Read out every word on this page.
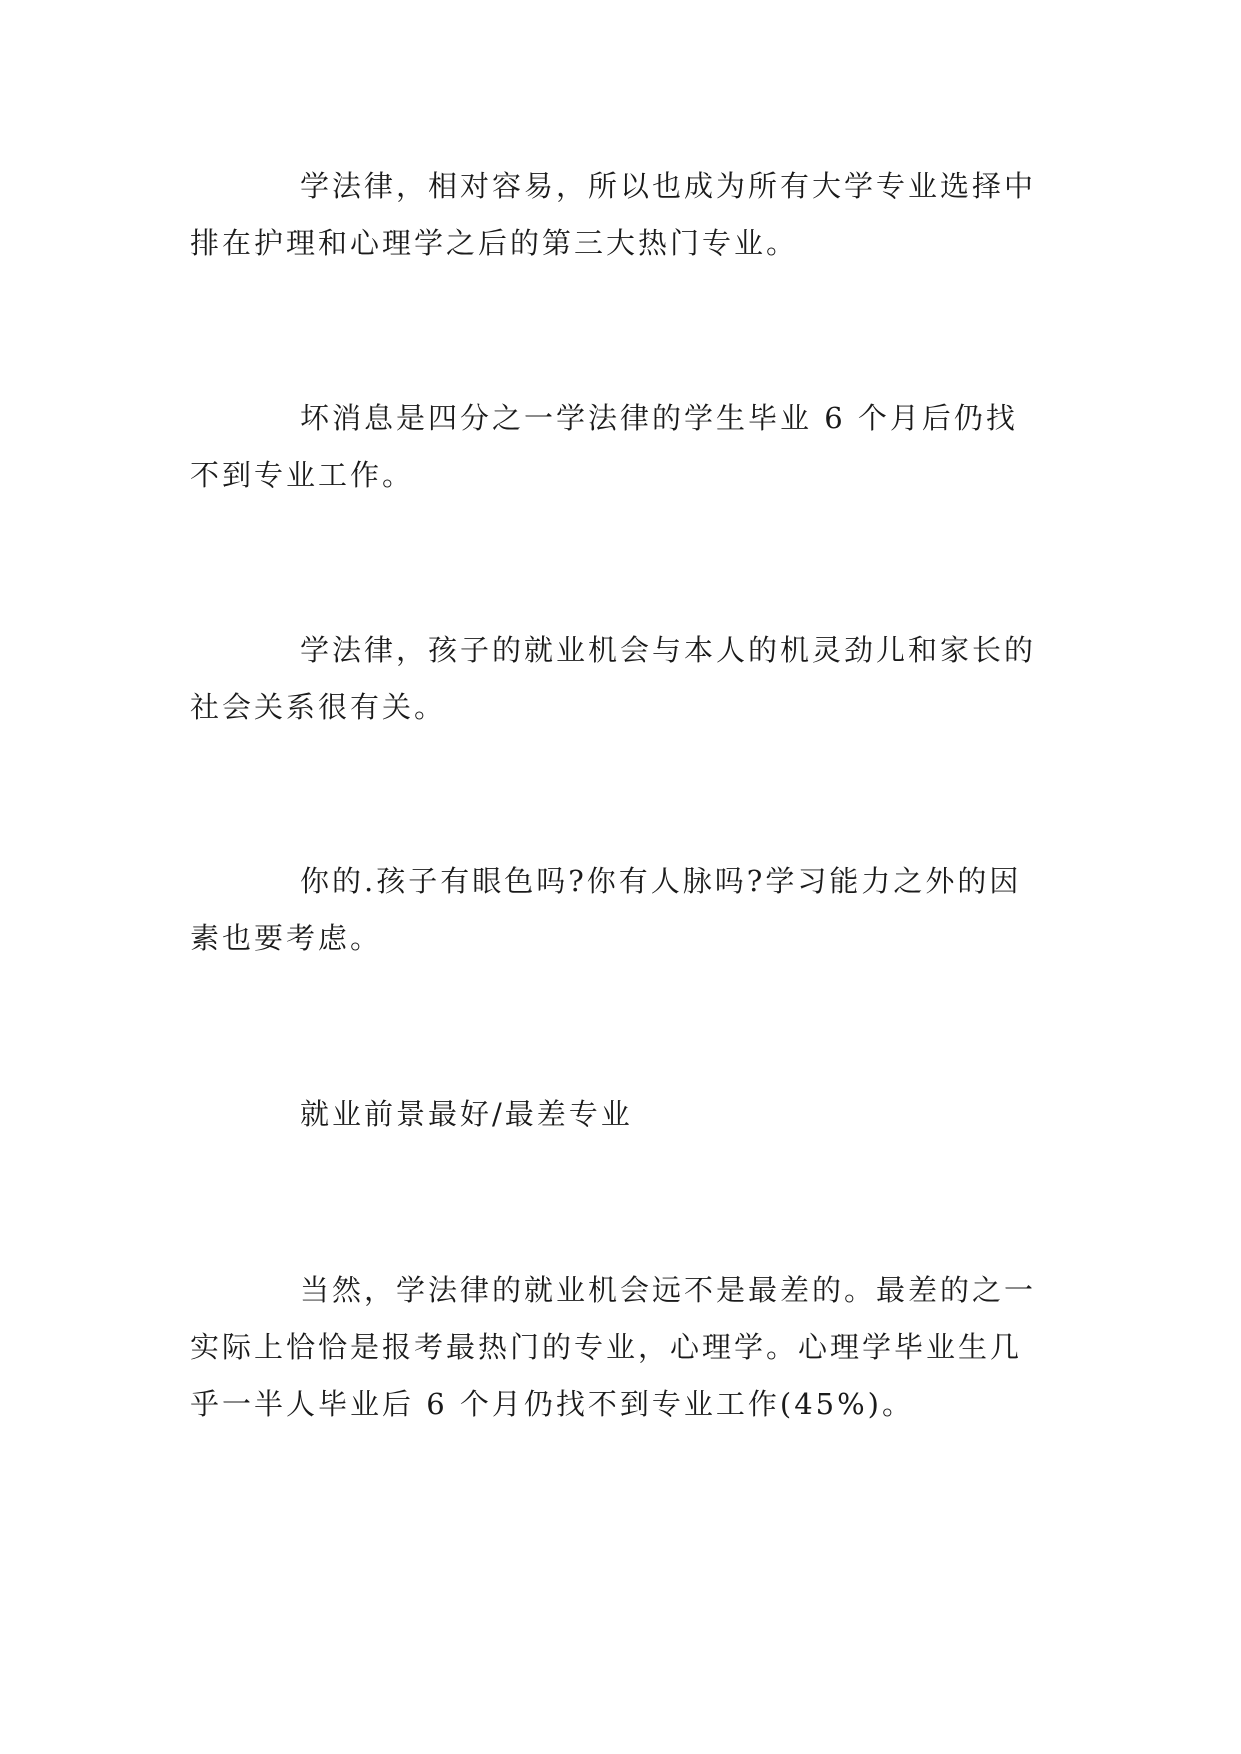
学法律，相对容易，所以也成为所有大学专业选择中
排在护理和心理学之后的第三大热门专业。

坏消息是四分之一学法律的学生毕业 6 个月后仍找
不到专业工作。

学法律，孩子的就业机会与本人的机灵劲儿和家长的
社会关系很有关。

你的.孩子有眼色吗?你有人脉吗?学习能力之外的因
素也要考虑。

就业前景最好/最差专业

当然，学法律的就业机会远不是最差的。最差的之一
实际上恰恰是报考最热门的专业，心理学。心理学毕业生几
乎一半人毕业后 6 个月仍找不到专业工作(45%)。
